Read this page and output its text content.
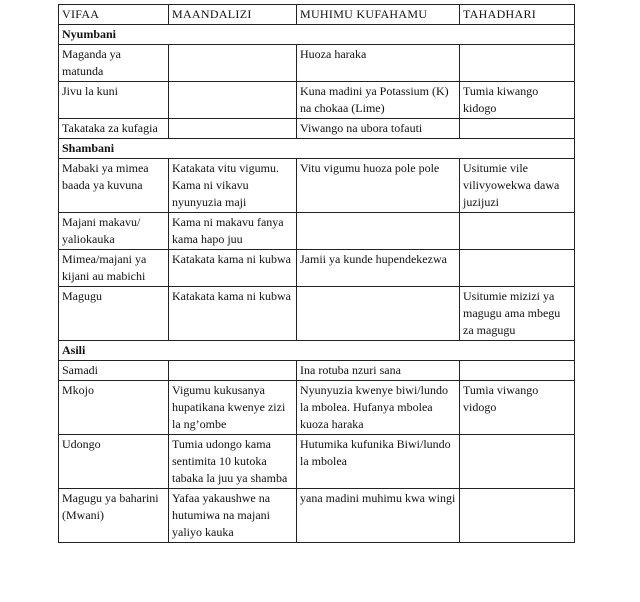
VIFAA	MAANDALIZI	MUHIMU KUFAHAMU	TAHADHARI
Nyumbani			
Maganda ya matunda		Huoza haraka	
Jivu la kuni		Kuna madini ya Potassium (K) na chokaa (Lime)	Tumia kiwango kidogo
Takataka za kufagia		Viwango na ubora tofauti	
Shambani			
Mabaki ya mimea baada ya kuvuna	Katakata vitu vigumu. Kama ni vikavu nyunyuzia maji	Vitu vigumu huoza pole pole	Usitumie vile vilivyowekwa dawa juzijuzi
Majani makavu/ yaliokauka	Kama ni makavu fanya kama hapo juu		
Mimea/majani ya kijani au mabichi	Katakata kama ni kubwa	Jamii ya kunde hupendekezwa	
Magugu	Katakata kama ni kubwa		Usitumie mizizi ya magugu ama mbegu za magugu
Asili			
Samadi		Ina rotuba nzuri sana	
Mkojo	Vigumu kukusanya hupatikana kwenye zizi la ng’ombe	Nyunyuzia kwenye biwi/lundo la mbolea. Hufanya mbolea kuoza haraka	Tumia viwango vidogo
Udongo	Tumia udongo kama sentimita 10 kutoka tabaka la juu ya shamba	Hutumika kufunika Biwi/lundo la mbolea	
Magugu ya baharini (Mwani)	Yafaa yakaushwe na hutumiwa na majani yaliyo kauka	yana madini muhimu kwa wingi	
